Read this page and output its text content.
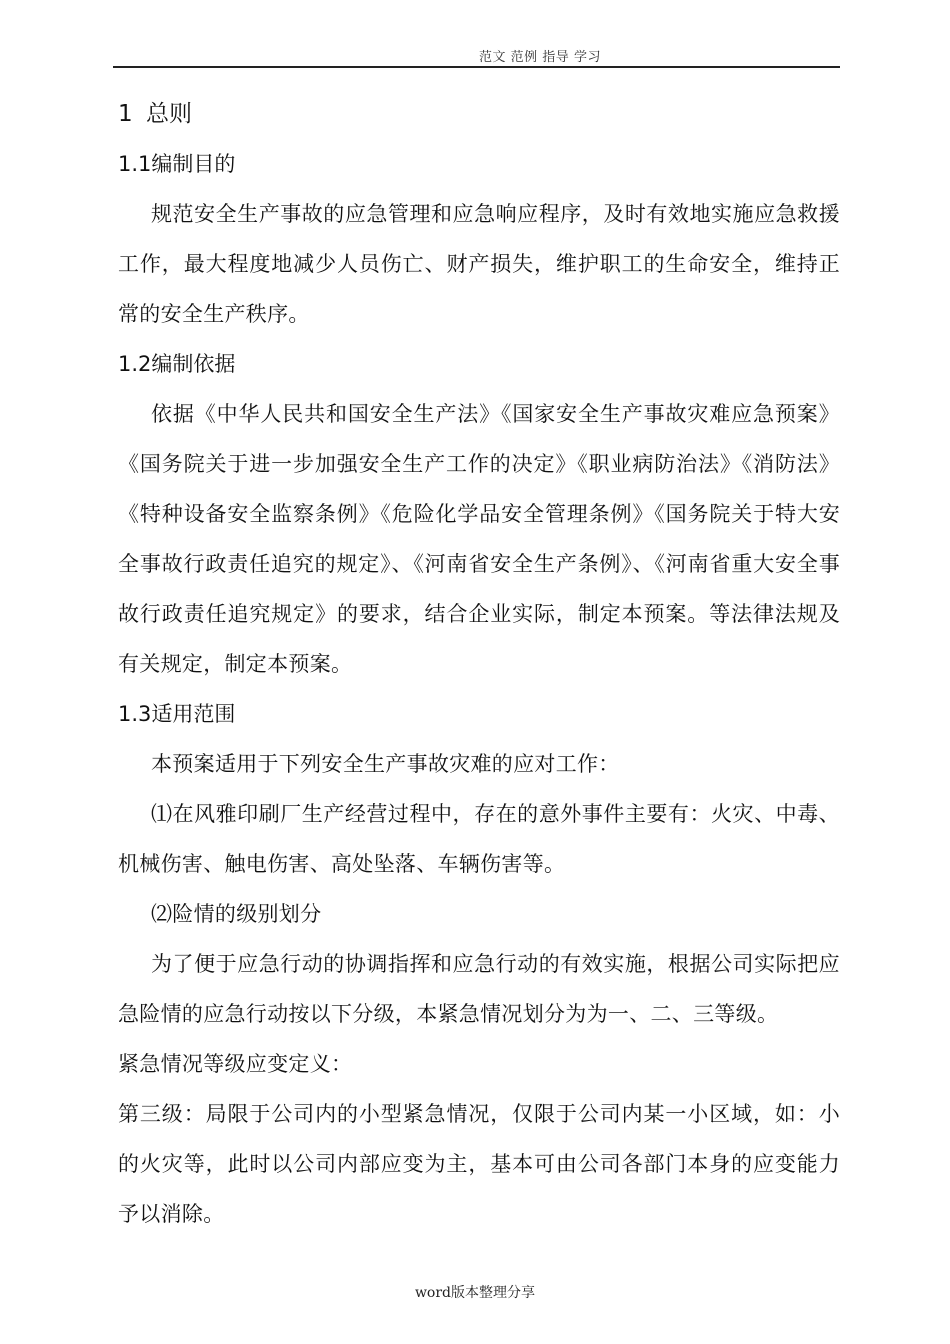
范文 范例 指导 学习
1 总则
1.1编制目的

规范安全生产事故的应急管理和应急响应程序，及时有效地实施应急救援工作，最大程度地减少人员伤亡、财产损失，维护职工的生命安全，维持正常的安全生产秩序。

1.2编制依据

依据《中华人民共和国安全生产法》《国家安全生产事故灾难应急预案》《国务院关于进一步加强安全生产工作的决定》《职业病防治法》《消防法》《特种设备安全监察条例》《危险化学品安全管理条例》《国务院关于特大安全事故行政责任追究的规定》、《河南省安全生产条例》、《河南省重大安全事故行政责任追究规定》的要求，结合企业实际，制定本预案。等法律法规及有关规定，制定本预案。

1.3适用范围

本预案适用于下列安全生产事故灾难的应对工作：

⑴在风雅印刷厂生产经营过程中，存在的意外事件主要有：火灾、中毒、机械伤害、触电伤害、高处坠落、车辆伤害等。

⑵险情的级别划分

为了便于应急行动的协调指挥和应急行动的有效实施，根据公司实际把应急险情的应急行动按以下分级，本紧急情况划分为为一、二、三等级。

紧急情况等级应变定义：

第三级：局限于公司内的小型紧急情况，仅限于公司内某一小区域，如：小的火灾等，此时以公司内部应变为主，基本可由公司各部门本身的应变能力予以消除。

word版本整理分享
